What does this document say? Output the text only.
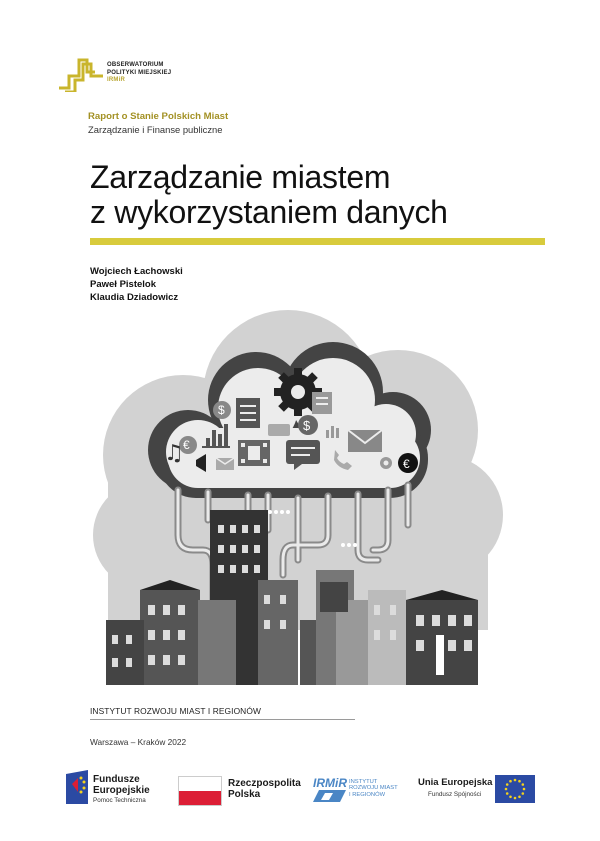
OBSERWATORIUM
POLITYKI MIEJSKIEJ
IRMiR
Raport o Stanie Polskich Miast
Zarządzanie i Finanse publiczne
Zarządzanie miastem
z wykorzystaniem danych
Wojciech Łachowski
Paweł Pistelok
Klaudia Dziadowicz
$
$
€
€
♫
INSTYTUT ROZWOJU MIAST I REGIONÓW
Warszawa – Kraków 2022
Fundusze
Europejskie
Pomoc Techniczna
Rzeczpospolita
Polska
IRMiR INSTYTUT
ROZWOJU MIAST
I REGIONÓW
Unia Europejska
Fundusz Spójności
